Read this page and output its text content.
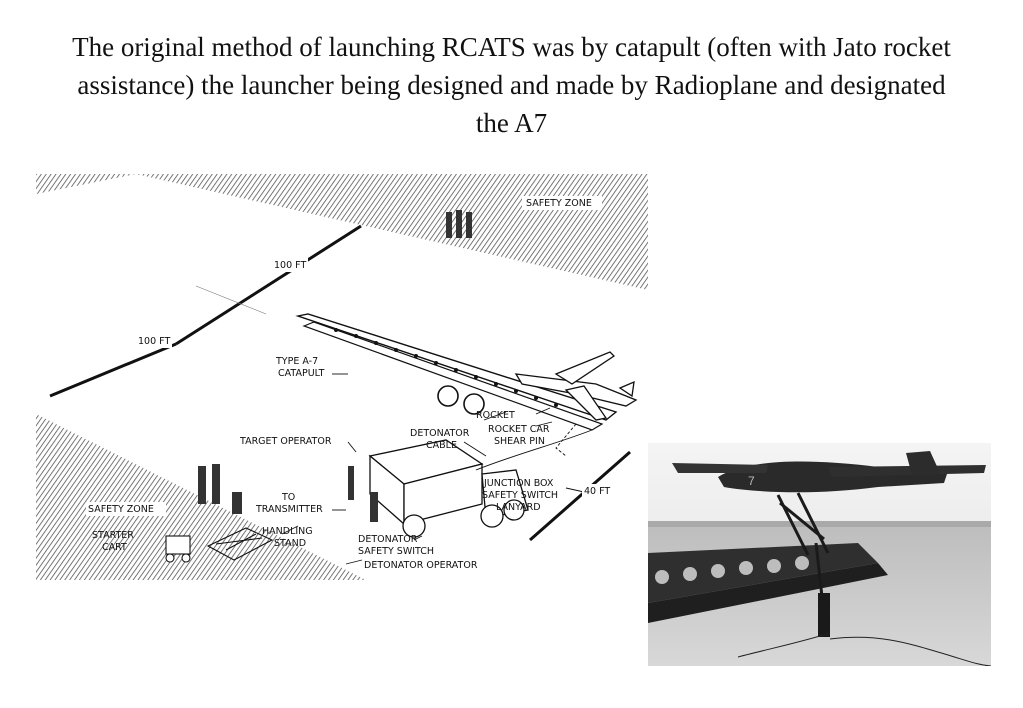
The original method of launching RCATS was by catapult (often with Jato rocket assistance) the launcher being designed and made by Radioplane and designated the A7
SAFETY ZONE
100 FT
100 FT
TYPE A-7
CATAPULT
TARGET OPERATOR
DETONATOR
CABLE
ROCKET
ROCKET CAR
SHEAR PIN
JUNCTION BOX
SAFETY SWITCH
LANYARD
40 FT
SAFETY ZONE
STARTER
CART
TO
TRANSMITTER
HANDLING
STAND	DETONATOR
SAFETY SWITCH
DETONATOR OPERATOR
7
